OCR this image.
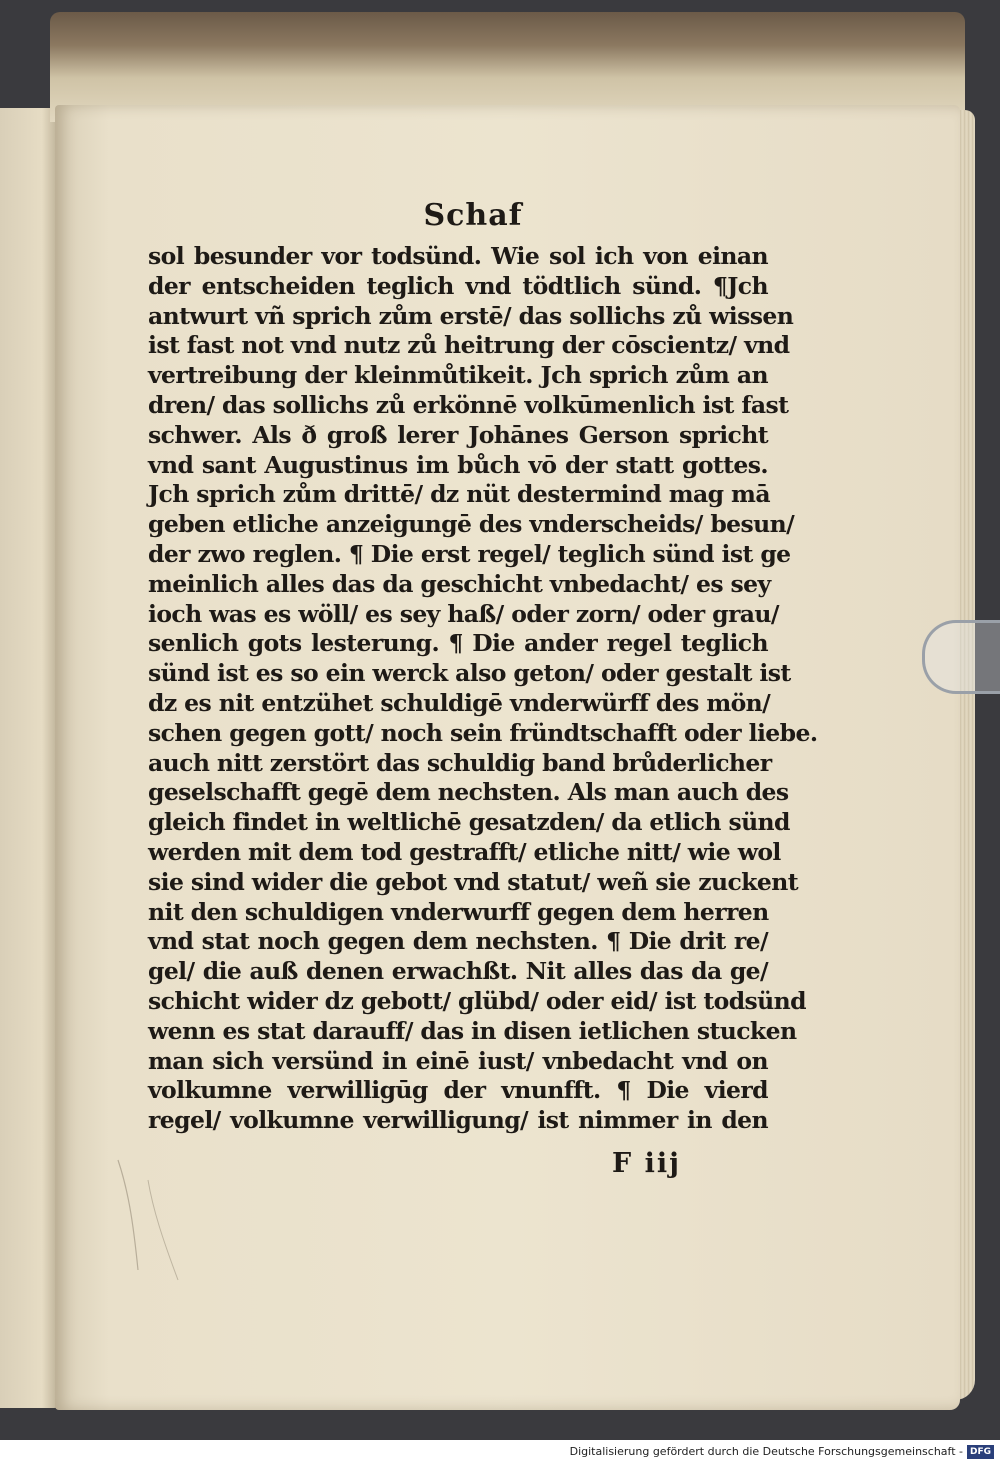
Schaf
sol besunder vor todsünd. Wie sol ich von einan
der entscheiden teglich vnd tödtlich sünd. ¶Jch
antwurt vñ sprich zům erstē/ das sollichs zů wissen
ist fast not vnd nutz zů heitrung der cōscientz/ vnd
vertreibung der kleinmůtikeit. Jch sprich zům an
dren/ das sollichs zů erkönnē volkūmenlich ist fast
schwer. Als ð groß lerer Johānes Gerson spricht
vnd sant Augustinus im bůch vō der statt gottes.
Jch sprich zům drittē/ dz nüt destermind mag mā
geben etliche anzeigungē des vnderscheids/ besun/
der zwo reglen. ¶ Die erst regel/ teglich sünd ist ge
meinlich alles das da geschicht vnbedacht/ es sey
ioch was es wöll/ es sey haß/ oder zorn/ oder grau/
senlich gots lesterung. ¶ Die ander regel teglich
sünd ist es so ein werck also geton/ oder gestalt ist
dz es nit entzühet schuldigē vnderwürff des mön/
schen gegen gott/ noch sein fründtschafft oder liebe.
auch nitt zerstört das schuldig band brůderlicher
geselschafft gegē dem nechsten. Als man auch des
gleich findet in weltlichē gesatzden/ da etlich sünd
werden mit dem tod gestrafft/ etliche nitt/ wie wol
sie sind wider die gebot vnd statut/ weñ sie zuckent
nit den schuldigen vnderwurff gegen dem herren
vnd stat noch gegen dem nechsten. ¶ Die drit re/
gel/ die auß denen erwachßt. Nit alles das da ge/
schicht wider dz gebott/ glübd/ oder eid/ ist todsünd
wenn es stat darauff/ das in disen ietlichen stucken
man sich versünd in einē iust/ vnbedacht vnd on
volkumne verwilligūg der vnunfft. ¶ Die vierd
regel/ volkumne verwilligung/ ist nimmer in den
F iij
Digitalisierung gefördert durch die Deutsche Forschungsgemeinschaft - DFG
